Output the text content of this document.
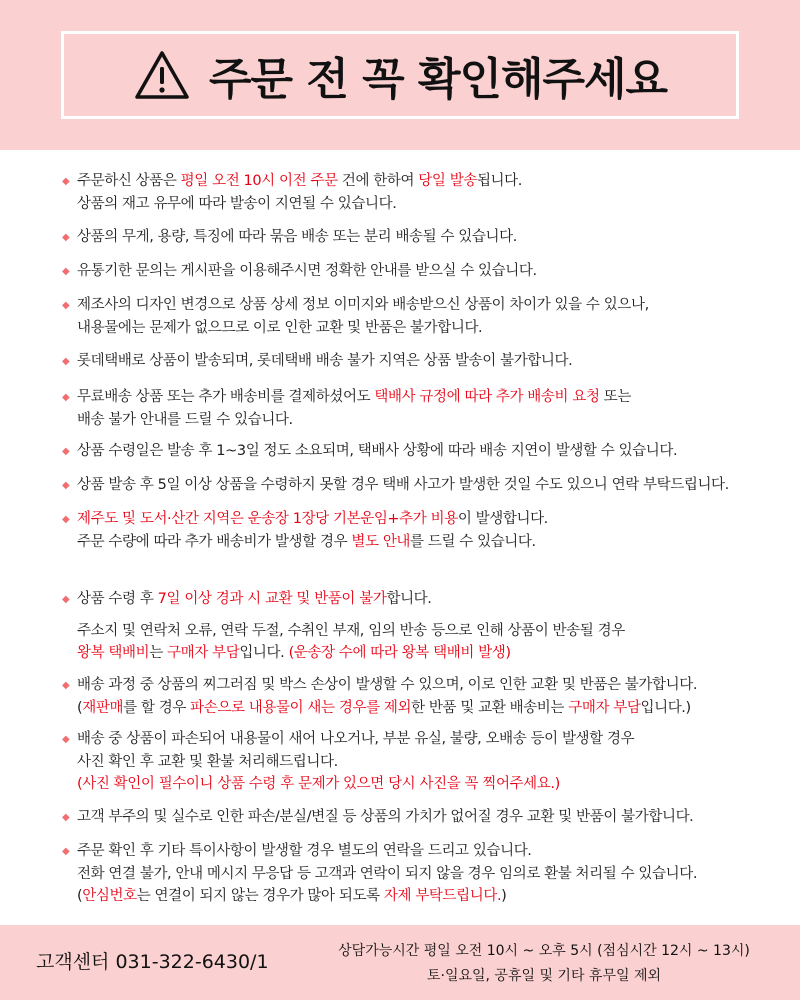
주문 전 꼭 확인해주세요
◆ 주문하신 상품은 평일 오전 10시 이전 주문 건에 한하여 당일 발송됩니다.
상품의 재고 유무에 따라 발송이 지연될 수 있습니다.
◆ 상품의 무게, 용량, 특징에 따라 묶음 배송 또는 분리 배송될 수 있습니다.
◆ 유통기한 문의는 게시판을 이용해주시면 정확한 안내를 받으실 수 있습니다.
◆ 제조사의 디자인 변경으로 상품 상세 정보 이미지와 배송받으신 상품이 차이가 있을 수 있으나,
내용물에는 문제가 없으므로 이로 인한 교환 및 반품은 불가합니다.
◆ 롯데택배로 상품이 발송되며, 롯데택배 배송 불가 지역은 상품 발송이 불가합니다.
◆ 무료배송 상품 또는 추가 배송비를 결제하셨어도 택배사 규정에 따라 추가 배송비 요청 또는
배송 불가 안내를 드릴 수 있습니다.
◆ 상품 수령일은 발송 후 1~3일 정도 소요되며, 택배사 상황에 따라 배송 지연이 발생할 수 있습니다.
◆ 상품 발송 후 5일 이상 상품을 수령하지 못할 경우 택배 사고가 발생한 것일 수도 있으니 연락 부탁드립니다.
◆ 제주도 및 도서·산간 지역은 운송장 1장당 기본운임+추가 비용이 발생합니다.
주문 수량에 따라 추가 배송비가 발생할 경우 별도 안내를 드릴 수 있습니다.
◆ 상품 수령 후 7일 이상 경과 시 교환 및 반품이 불가합니다.
주소지 및 연락처 오류, 연락 두절, 수취인 부재, 임의 반송 등으로 인해 상품이 반송될 경우
왕복 택배비는 구매자 부담입니다. (운송장 수에 따라 왕복 택배비 발생)
◆ 배송 과정 중 상품의 찌그러짐 및 박스 손상이 발생할 수 있으며, 이로 인한 교환 및 반품은 불가합니다.
(재판매를 할 경우 파손으로 내용물이 새는 경우를 제외한 반품 및 교환 배송비는 구매자 부담입니다.)
◆ 배송 중 상품이 파손되어 내용물이 새어 나오거나, 부분 유실, 불량, 오배송 등이 발생할 경우
사진 확인 후 교환 및 환불 처리해드립니다.
(사진 확인이 필수이니 상품 수령 후 문제가 있으면 당시 사진을 꼭 찍어주세요.)
◆ 고객 부주의 및 실수로 인한 파손/분실/변질 등 상품의 가치가 없어질 경우 교환 및 반품이 불가합니다.
◆ 주문 확인 후 기타 특이사항이 발생할 경우 별도의 연락을 드리고 있습니다.
전화 연결 불가, 안내 메시지 무응답 등 고객과 연락이 되지 않을 경우 임의로 환불 처리될 수 있습니다.
(안심번호는 연결이 되지 않는 경우가 많아 되도록 자제 부탁드립니다.)
고객센터 031-322-6430/1	상담가능시간 평일 오전 10시 ~ 오후 5시 (점심시간 12시 ~ 13시)
토·일요일, 공휴일 및 기타 휴무일 제외
